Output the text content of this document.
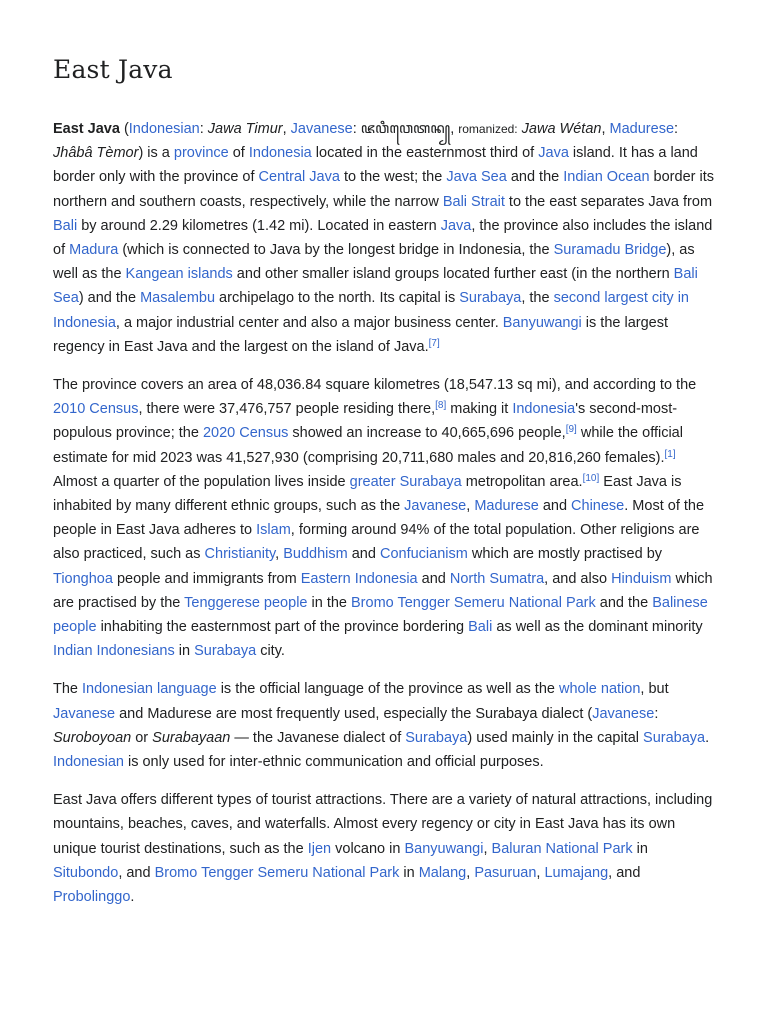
East Java

East Java (Indonesian: Jawa Timur, Javanese: ꦗꦮꦶꦮꦺꦠꦤ꧀, romanized: Jawa Wétan, Madurese: Jhâbâ Tèmor) is a province of Indonesia located in the easternmost third of Java island. It has a land border only with the province of Central Java to the west; the Java Sea and the Indian Ocean border its northern and southern coasts, respectively, while the narrow Bali Strait to the east separates Java from Bali by around 2.29 kilometres (1.42 mi). Located in eastern Java, the province also includes the island of Madura (which is connected to Java by the longest bridge in Indonesia, the Suramadu Bridge), as well as the Kangean islands and other smaller island groups located further east (in the northern Bali Sea) and the Masalembu archipelago to the north. Its capital is Surabaya, the second largest city in Indonesia, a major industrial center and also a major business center. Banyuwangi is the largest regency in East Java and the largest on the island of Java.[7]

The province covers an area of 48,036.84 square kilometres (18,547.13 sq mi), and according to the 2010 Census, there were 37,476,757 people residing there,[8] making it Indonesia's second-most-populous province; the 2020 Census showed an increase to 40,665,696 people,[9] while the official estimate for mid 2023 was 41,527,930 (comprising 20,711,680 males and 20,816,260 females).[1] Almost a quarter of the population lives inside greater Surabaya metropolitan area.[10] East Java is inhabited by many different ethnic groups, such as the Javanese, Madurese and Chinese. Most of the people in East Java adheres to Islam, forming around 94% of the total population. Other religions are also practiced, such as Christianity, Buddhism and Confucianism which are mostly practised by Tionghoa people and immigrants from Eastern Indonesia and North Sumatra, and also Hinduism which are practised by the Tenggerese people in the Bromo Tengger Semeru National Park and the Balinese people inhabiting the easternmost part of the province bordering Bali as well as the dominant minority Indian Indonesians in Surabaya city.

The Indonesian language is the official language of the province as well as the whole nation, but Javanese and Madurese are most frequently used, especially the Surabaya dialect (Javanese: Suroboyoan or Surabayaan — the Javanese dialect of Surabaya) used mainly in the capital Surabaya. Indonesian is only used for inter-ethnic communication and official purposes.

East Java offers different types of tourist attractions. There are a variety of natural attractions, including mountains, beaches, caves, and waterfalls. Almost every regency or city in East Java has its own unique tourist destinations, such as the Ijen volcano in Banyuwangi, Baluran National Park in Situbondo, and Bromo Tengger Semeru National Park in Malang, Pasuruan, Lumajang, and Probolinggo.
